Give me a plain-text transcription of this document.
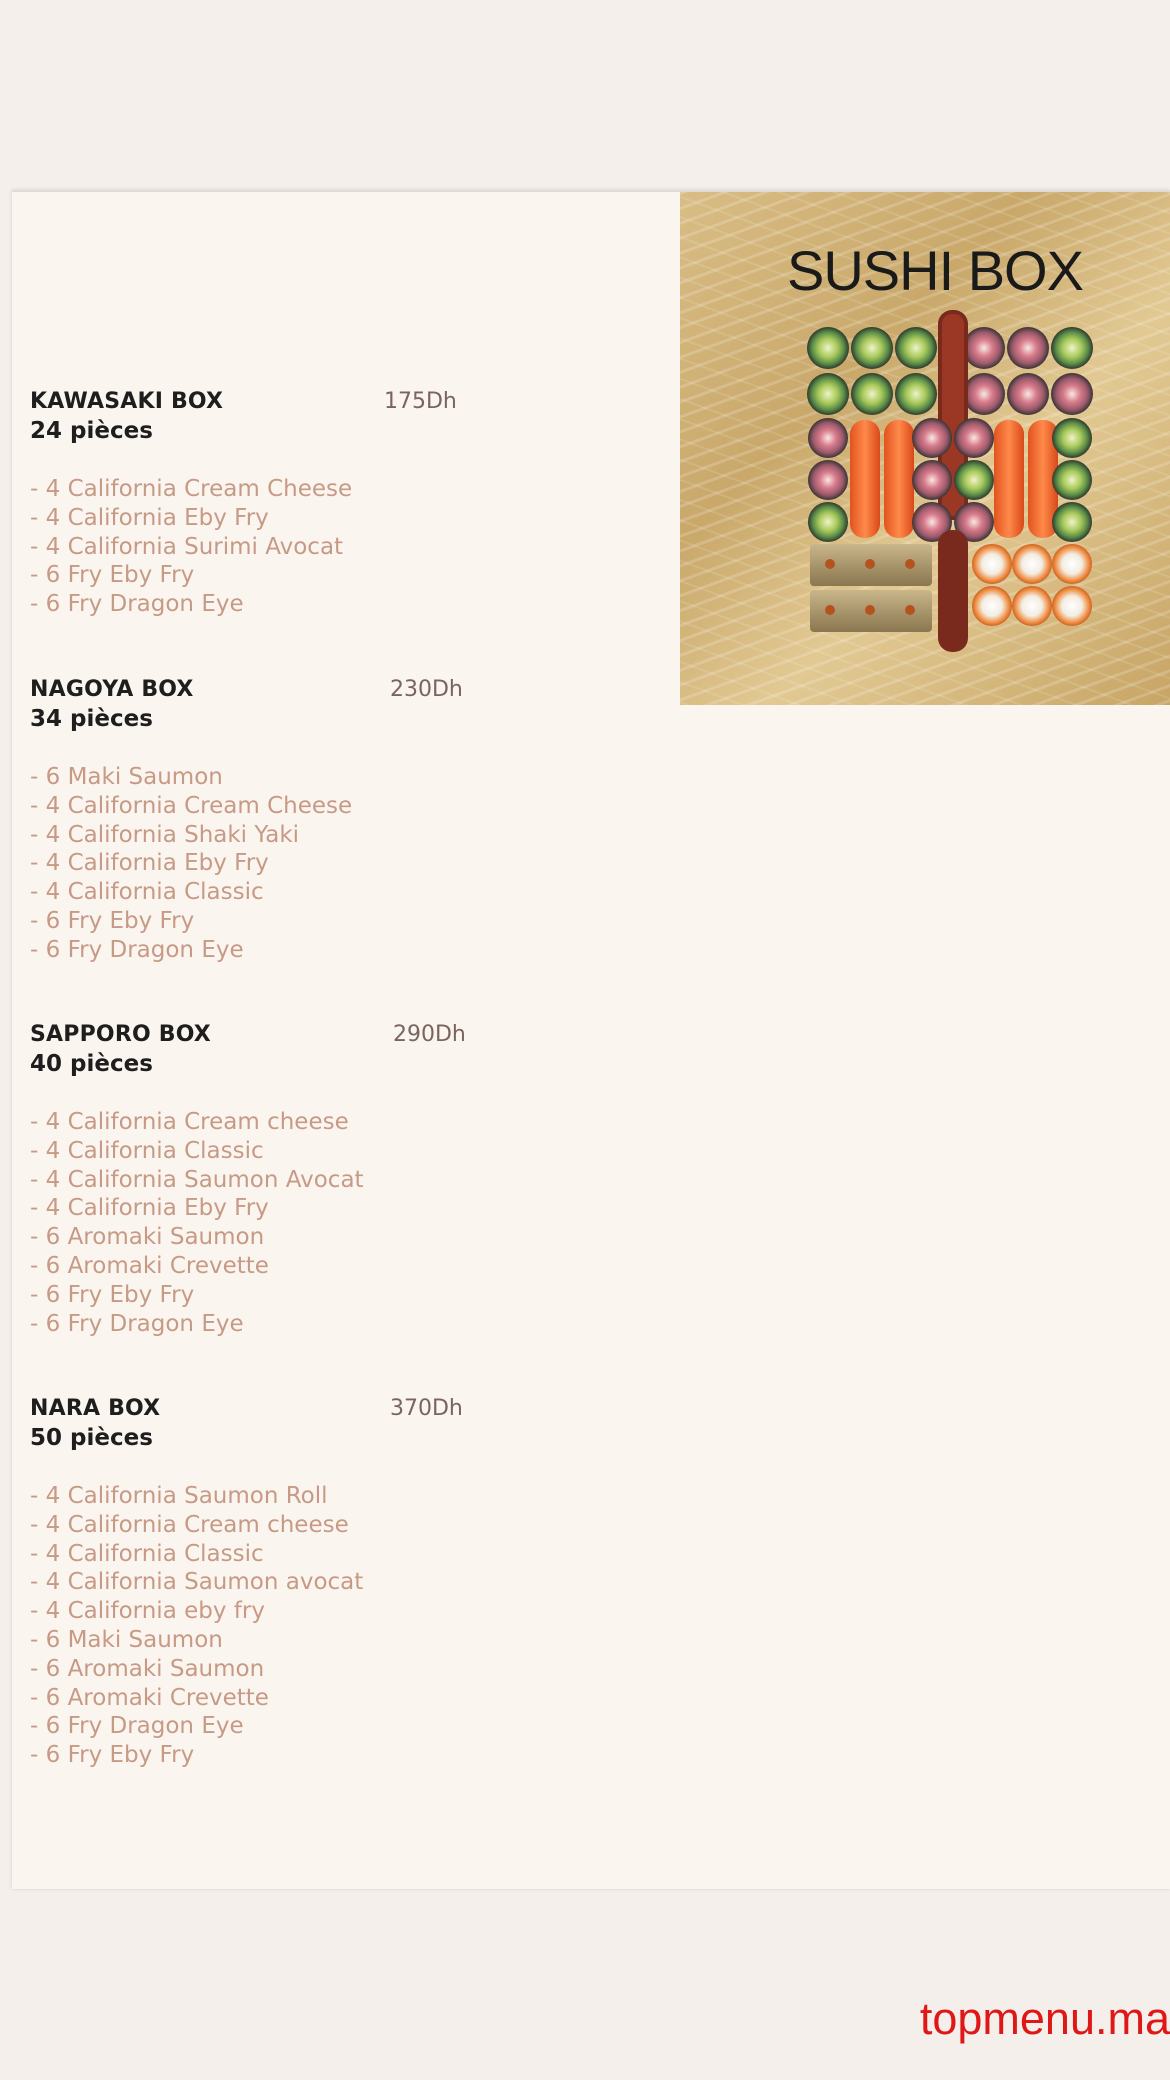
KAWASAKI BOX	175Dh
24 pièces
- 4 California Cream Cheese
- 4 California Eby Fry
- 4 California Surimi Avocat
- 6 Fry Eby Fry
- 6 Fry Dragon Eye
NAGOYA BOX	230Dh
34 pièces
- 6 Maki Saumon
- 4 California Cream Cheese
- 4 California Shaki Yaki
- 4 California Eby Fry
- 4 California Classic
- 6 Fry Eby Fry
- 6 Fry Dragon Eye
SAPPORO BOX	290Dh
40 pièces
- 4 California Cream cheese
- 4 California Classic
- 4 California Saumon Avocat
- 4 California Eby Fry
- 6 Aromaki Saumon
- 6 Aromaki Crevette
- 6 Fry Eby Fry
- 6 Fry Dragon Eye
NARA BOX	370Dh
50 pièces
- 4 California Saumon Roll
- 4 California Cream cheese
- 4 California Classic
- 4 California Saumon avocat
- 4 California eby fry
- 6 Maki Saumon
- 6 Aromaki Saumon
- 6 Aromaki Crevette
- 6 Fry Dragon Eye
- 6 Fry Eby Fry
SUSHI BOX
topmenu.ma
